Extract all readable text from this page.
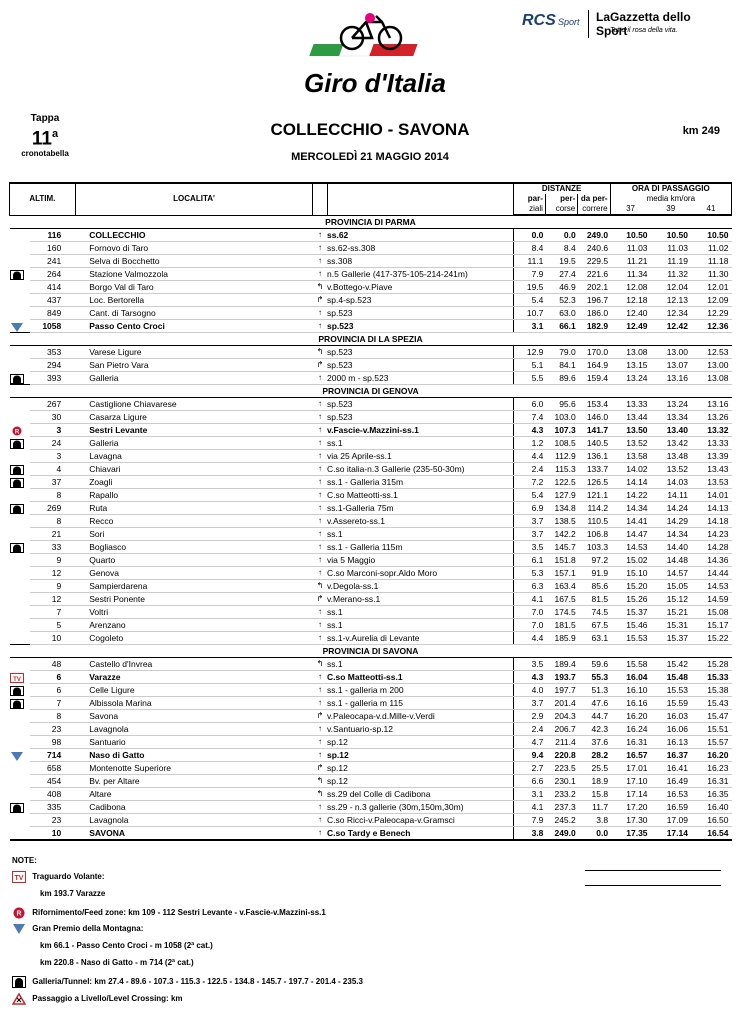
Giro d'Italia
RCS Sport LaGazzetta dello Sport
Tutto il rosa della vita.
Tappa
11$^a$
cronotabella
COLLECCHIO - SAVONA
MERCOLEDÌ 21 MAGGIO 2014
km 249
ALTIM.		LOCALITA'			DISTANZE			ORA DI PASSAGGIO		
					par-	per-	da per-	media km/ora		
					ziali	corse	correre	37	39	41
PROVINCIA DI PARMA										
	116	COLLECCHIO	↑	ss.62	0.0	0.0	249.0	10.50	10.50	10.50
	160	Fornovo di Taro	↑	ss.62-ss.308	8.4	8.4	240.6	11.03	11.03	11.02
	241	Selva di Bocchetto	↑	ss.308	11.1	19.5	229.5	11.21	11.19	11.18
	264	Stazione Valmozzola	↑	n.5 Gallerie (417-375-105-214-241m)	7.9	27.4	221.6	11.34	11.32	11.30
	414	Borgo Val di Taro	↰	v.Bottego-v.Piave	19.5	46.9	202.1	12.08	12.04	12.01
	437	Loc. Bertorella	↱	sp.4-sp.523	5.4	52.3	196.7	12.18	12.13	12.09
	849	Cant. di Tarsogno	↑	sp.523	10.7	63.0	186.0	12.40	12.34	12.29
	1058	Passo Cento Croci	↑	sp.523	3.1	66.1	182.9	12.49	12.42	12.36
PROVINCIA DI LA SPEZIA										
	353	Varese Ligure	↰	sp.523	12.9	79.0	170.0	13.08	13.00	12.53
	294	San Pietro Vara	↱	sp.523	5.1	84.1	164.9	13.15	13.07	13.00
	393	Galleria	↑	2000 m - sp.523	5.5	89.6	159.4	13.24	13.16	13.08
PROVINCIA DI GENOVA										
	267	Castiglione Chiavarese	↑	sp.523	6.0	95.6	153.4	13.33	13.24	13.16
	30	Casarza Ligure	↑	sp.523	7.4	103.0	146.0	13.44	13.34	13.26

R	3	Sestri Levante	↑	v.Fascie-v.Mazzini-ss.1	4.3	107.3	141.7	13.50	13.40	13.32
	24	Galleria	↑	ss.1	1.2	108.5	140.5	13.52	13.42	13.33
	3	Lavagna	↑	via 25 Aprile-ss.1	4.4	112.9	136.1	13.58	13.48	13.39
	4	Chiavari	↑	C.so italia-n.3 Gallerie (235-50-30m)	2.4	115.3	133.7	14.02	13.52	13.43
	37	Zoagli	↑	ss.1 - Galleria 315m	7.2	122.5	126.5	14.14	14.03	13.53
	8	Rapallo	↑	C.so Matteotti-ss.1	5.4	127.9	121.1	14.22	14.11	14.01
	269	Ruta	↑	ss.1-Galleria 75m	6.9	134.8	114.2	14.34	14.24	14.13
	8	Recco	↑	v.Assereto-ss.1	3.7	138.5	110.5	14.41	14.29	14.18
	21	Sori	↑	ss.1	3.7	142.2	106.8	14.47	14.34	14.23
	33	Bogliasco	↑	ss.1 - Galleria 115m	3.5	145.7	103.3	14.53	14.40	14.28
	9	Quarto	↑	via 5 Maggio	6.1	151.8	97.2	15.02	14.48	14.36
	12	Genova	↑	C.so Marconi-sopr.Aldo Moro	5.3	157.1	91.9	15.10	14.57	14.44
	9	Sampierdarena	↰	v.Degola-ss.1	6.3	163.4	85.6	15.20	15.05	14.53
	12	Sestri Ponente	↱	v.Merano-ss.1	4.1	167.5	81.5	15.26	15.12	14.59
	7	Voltri	↑	ss.1	7.0	174.5	74.5	15.37	15.21	15.08
	5	Arenzano	↑	ss.1	7.0	181.5	67.5	15.46	15.31	15.17
	10	Cogoleto	↑	ss.1-v.Aurelia di Levante	4.4	185.9	63.1	15.53	15.37	15.22
PROVINCIA DI SAVONA										
	48	Castello d'Invrea	↰	ss.1	3.5	189.4	59.6	15.58	15.42	15.28

TV	6	Varazze	↑	C.so Matteotti-ss.1	4.3	193.7	55.3	16.04	15.48	15.33
	6	Celle Ligure	↑	ss.1 - galleria m 200	4.0	197.7	51.3	16.10	15.53	15.38
	7	Albissola Marina	↑	ss.1 - galleria m 115	3.7	201.4	47.6	16.16	15.59	15.43
	8	Savona	↱	v.Paleocapa-v.d.Mille-v.Verdi	2.9	204.3	44.7	16.20	16.03	15.47
	23	Lavagnola	↑	v.Santuario-sp.12	2.4	206.7	42.3	16.24	16.06	15.51
	98	Santuario	↑	sp.12	4.7	211.4	37.6	16.31	16.13	15.57
	714	Naso di Gatto	↑	sp.12	9.4	220.8	28.2	16.57	16.37	16.20
	658	Montenotte Superiore	↱	sp.12	2.7	223.5	25.5	17.01	16.41	16.23
	454	Bv. per Altare	↰	sp.12	6.6	230.1	18.9	17.10	16.49	16.31
	408	Altare	↰	ss.29 del Colle di Cadibona	3.1	233.2	15.8	17.14	16.53	16.35
	335	Cadibona	↑	ss.29 - n.3 gallerie (30m,150m,30m)	4.1	237.3	11.7	17.20	16.59	16.40
	23	Lavagnola	↑	C.so Ricci-v.Paleocapa-v.Gramsci	7.9	245.2	3.8	17.30	17.09	16.50
	10	SAVONA	↑	C.so Tardy e Benech	3.8	249.0	0.0	17.35	17.14	16.54
NOTE:
TV Traguardo Volante:
km 193.7 Varazze
R Rifornimento/Feed zone: km 109 - 112 Sestri Levante - v.Fascie-v.Mazzini-ss.1
Gran Premio della Montagna:
km 66.1 - Passo Cento Croci - m 1058 (2ª cat.)
km 220.8 - Naso di Gatto - m 714 (2ª cat.)
Galleria/Tunnel: km 27.4 - 89.6 - 107.3 - 115.3 - 122.5 - 134.8 - 145.7 - 197.7 - 201.4 - 235.3
Passaggio a Livello/Level Crossing: km
